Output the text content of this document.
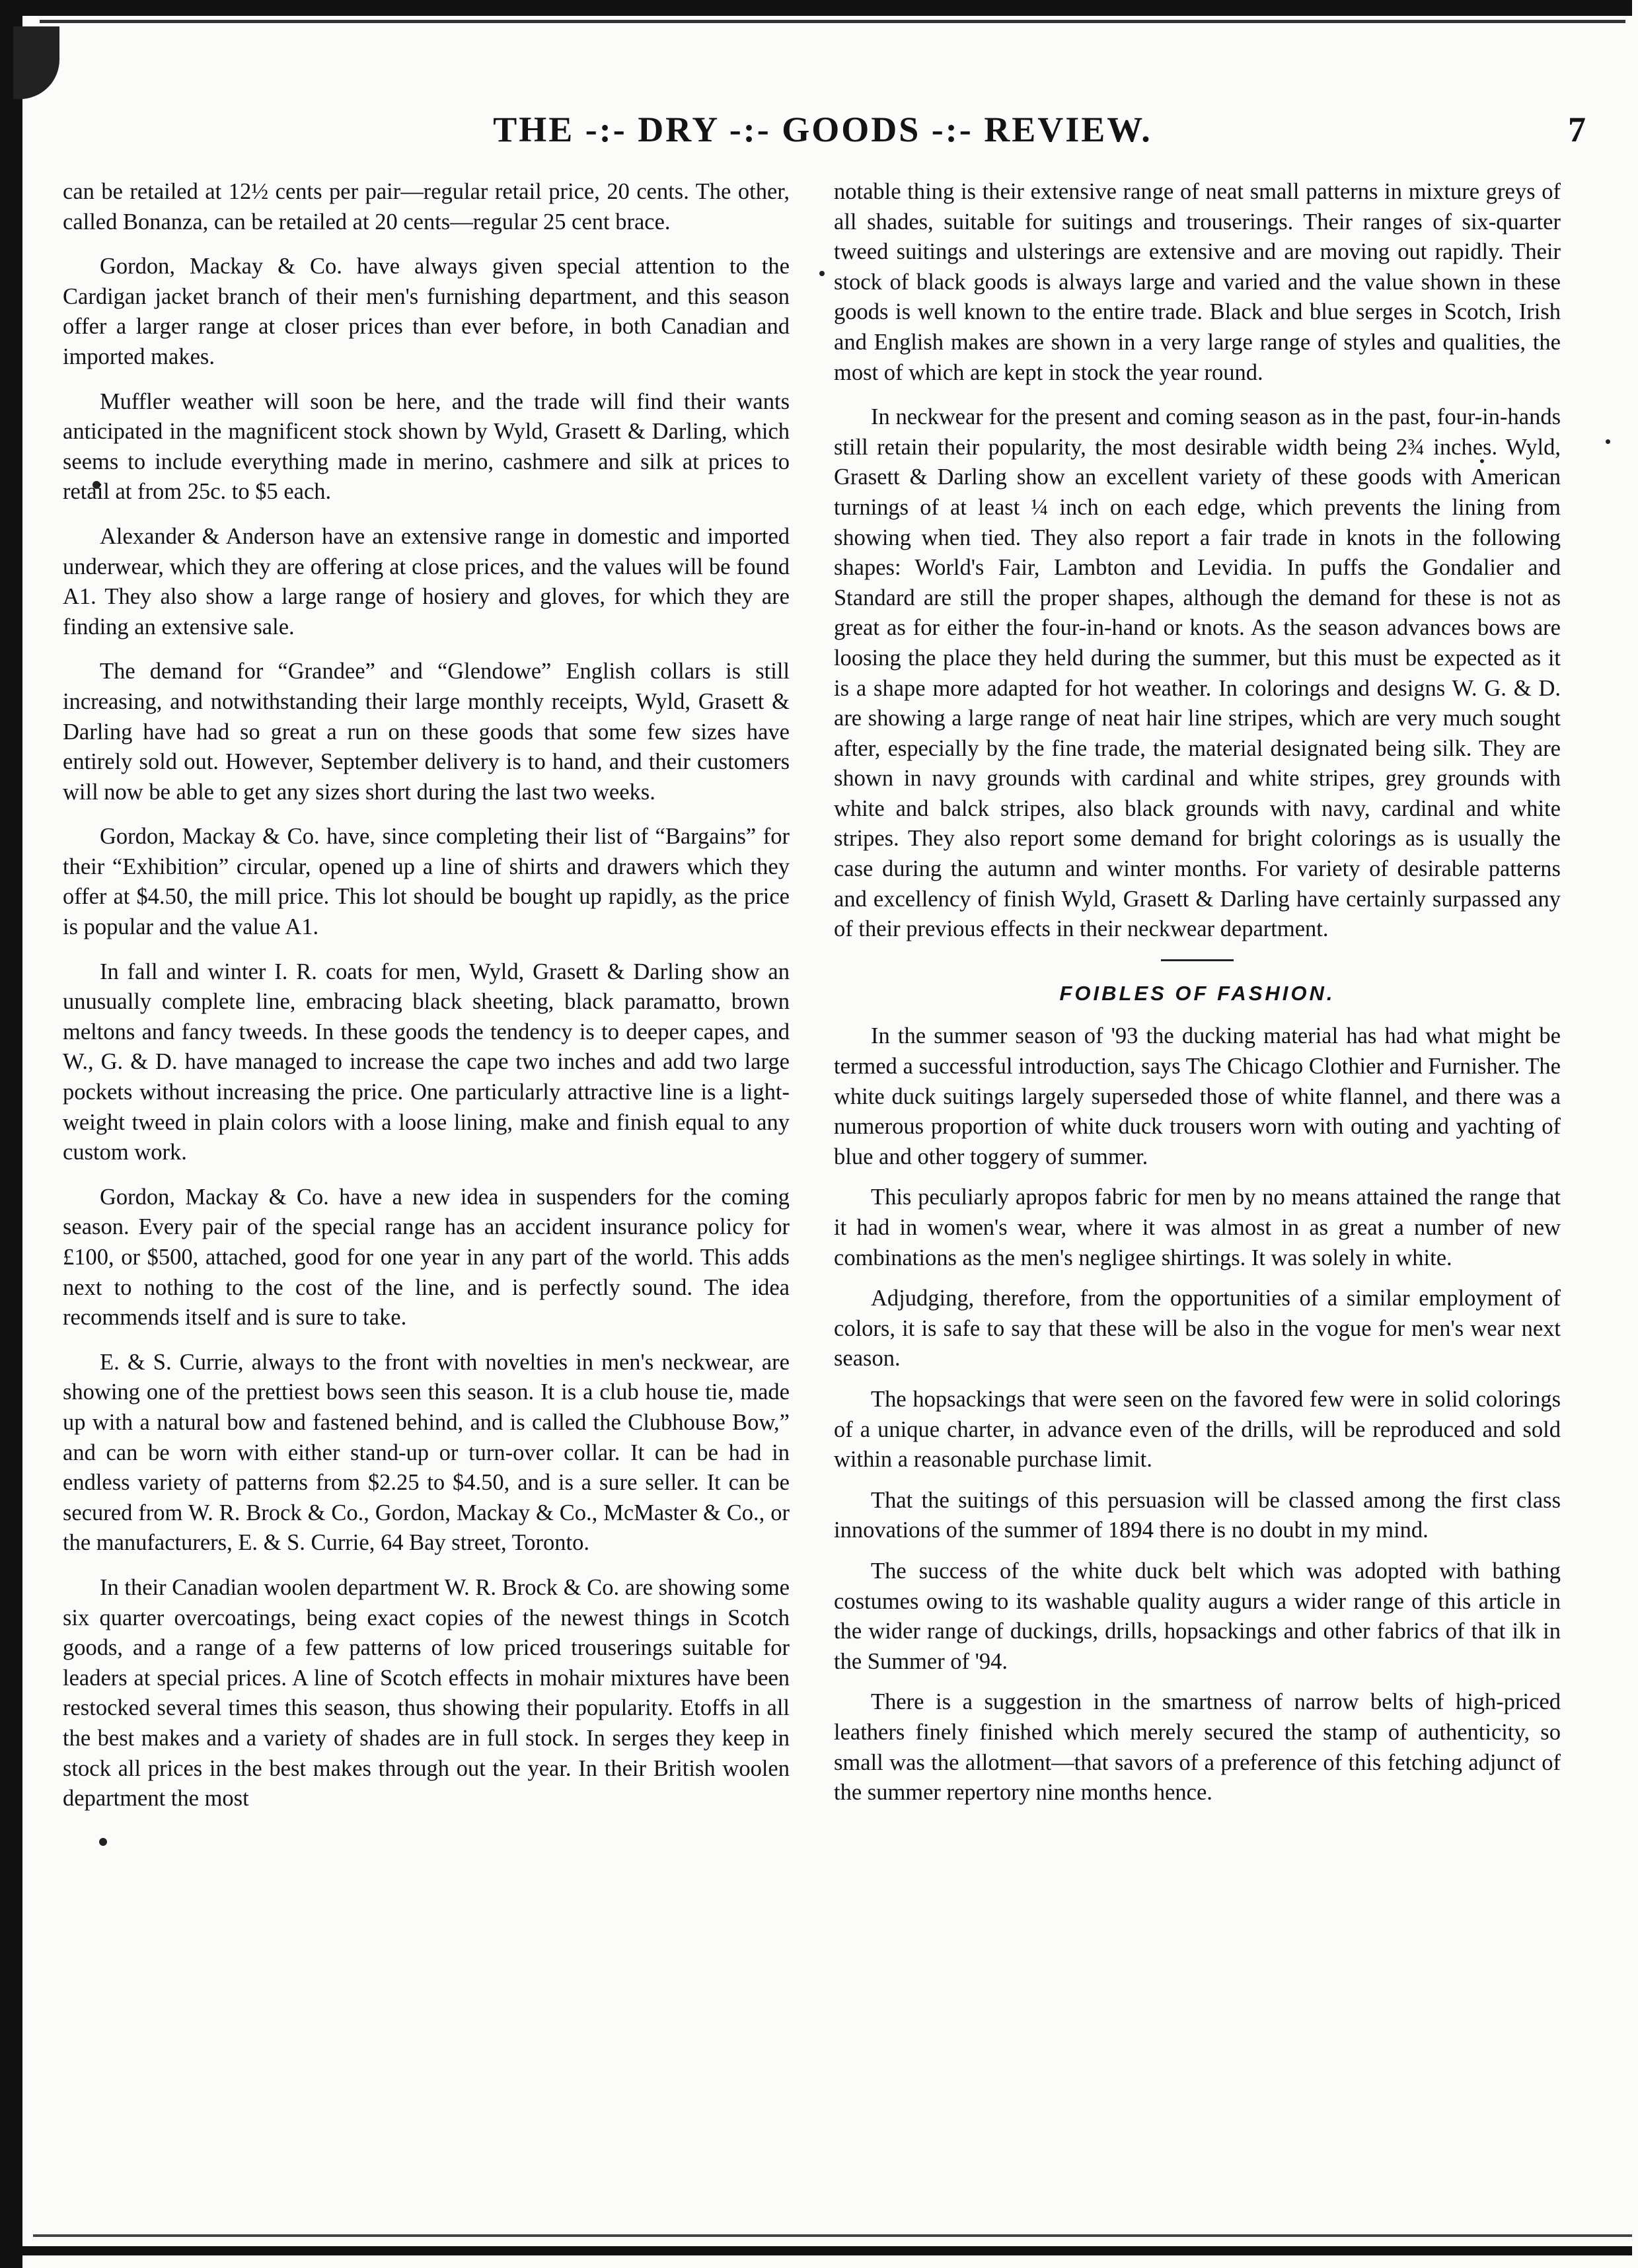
THE -:- DRY -:- GOODS -:- REVIEW.	7

can be retailed at 12½ cents per pair—regular retail price, 20 cents. The other, called Bonanza, can be retailed at 20 cents—regular 25 cent brace.

Gordon, Mackay & Co. have always given special attention to the Cardigan jacket branch of their men's furnishing department, and this season offer a larger range at closer prices than ever before, in both Canadian and imported makes.

Muffler weather will soon be here, and the trade will find their wants anticipated in the magnificent stock shown by Wyld, Grasett & Darling, which seems to include everything made in merino, cashmere and silk at prices to retail at from 25c. to $5 each.

Alexander & Anderson have an extensive range in domestic and imported underwear, which they are offering at close prices, and the values will be found A1. They also show a large range of hosiery and gloves, for which they are finding an extensive sale.

The demand for “Grandee” and “Glendowe” English collars is still increasing, and notwithstanding their large monthly receipts, Wyld, Grasett & Darling have had so great a run on these goods that some few sizes have entirely sold out. However, September delivery is to hand, and their customers will now be able to get any sizes short during the last two weeks.

Gordon, Mackay & Co. have, since completing their list of “Bargains” for their “Exhibition” circular, opened up a line of shirts and drawers which they offer at $4.50, the mill price. This lot should be bought up rapidly, as the price is popular and the value A1.

In fall and winter I. R. coats for men, Wyld, Grasett & Darling show an unusually complete line, embracing black sheeting, black paramatto, brown meltons and fancy tweeds. In these goods the tendency is to deeper capes, and W., G. & D. have managed to increase the cape two inches and add two large pockets without increasing the price. One particularly attractive line is a light-weight tweed in plain colors with a loose lining, make and finish equal to any custom work.

Gordon, Mackay & Co. have a new idea in suspenders for the coming season. Every pair of the special range has an accident insurance policy for £100, or $500, attached, good for one year in any part of the world. This adds next to nothing to the cost of the line, and is perfectly sound. The idea recommends itself and is sure to take.

E. & S. Currie, always to the front with novelties in men's neckwear, are showing one of the prettiest bows seen this season. It is a club house tie, made up with a natural bow and fastened behind, and is called the Clubhouse Bow,” and can be worn with either stand-up or turn-over collar. It can be had in endless variety of patterns from $2.25 to $4.50, and is a sure seller. It can be secured from W. R. Brock & Co., Gordon, Mackay & Co., McMaster & Co., or the manufacturers, E. & S. Currie, 64 Bay street, Toronto.

In their Canadian woolen department W. R. Brock & Co. are showing some six quarter overcoatings, being exact copies of the newest things in Scotch goods, and a range of a few patterns of low priced trouserings suitable for leaders at special prices. A line of Scotch effects in mohair mixtures have been restocked several times this season, thus showing their popularity. Etoffs in all the best makes and a variety of shades are in full stock. In serges they keep in stock all prices in the best makes through out the year. In their British woolen department the most

notable thing is their extensive range of neat small patterns in mixture greys of all shades, suitable for suitings and trouserings. Their ranges of six-quarter tweed suitings and ulsterings are extensive and are moving out rapidly. Their stock of black goods is always large and varied and the value shown in these goods is well known to the entire trade. Black and blue serges in Scotch, Irish and English makes are shown in a very large range of styles and qualities, the most of which are kept in stock the year round.

In neckwear for the present and coming season as in the past, four-in-hands still retain their popularity, the most desirable width being 2¾ inches. Wyld, Grasett & Darling show an excellent variety of these goods with American turnings of at least ¼ inch on each edge, which prevents the lining from showing when tied. They also report a fair trade in knots in the following shapes: World's Fair, Lambton and Levidia. In puffs the Gondalier and Standard are still the proper shapes, although the demand for these is not as great as for either the four-in-hand or knots. As the season advances bows are loosing the place they held during the summer, but this must be expected as it is a shape more adapted for hot weather. In colorings and designs W. G. & D. are showing a large range of neat hair line stripes, which are very much sought after, especially by the fine trade, the material designated being silk. They are shown in navy grounds with cardinal and white stripes, grey grounds with white and balck stripes, also black grounds with navy, cardinal and white stripes. They also report some demand for bright colorings as is usually the case during the autumn and winter months. For variety of desirable patterns and excellency of finish Wyld, Grasett & Darling have certainly surpassed any of their previous effects in their neckwear department.

FOIBLES OF FASHION.

In the summer season of '93 the ducking material has had what might be termed a successful introduction, says The Chicago Clothier and Furnisher. The white duck suitings largely superseded those of white flannel, and there was a numerous proportion of white duck trousers worn with outing and yachting of blue and other toggery of summer.

This peculiarly apropos fabric for men by no means attained the range that it had in women's wear, where it was almost in as great a number of new combinations as the men's negligee shirtings. It was solely in white.

Adjudging, therefore, from the opportunities of a similar employment of colors, it is safe to say that these will be also in the vogue for men's wear next season.

The hopsackings that were seen on the favored few were in solid colorings of a unique charter, in advance even of the drills, will be reproduced and sold within a reasonable purchase limit.

That the suitings of this persuasion will be classed among the first class innovations of the summer of 1894 there is no doubt in my mind.

The success of the white duck belt which was adopted with bathing costumes owing to its washable quality augurs a wider range of this article in the wider range of duckings, drills, hopsackings and other fabrics of that ilk in the Summer of '94.

There is a suggestion in the smartness of narrow belts of high-priced leathers finely finished which merely secured the stamp of authenticity, so small was the allotment—that savors of a preference of this fetching adjunct of the summer repertory nine months hence.
